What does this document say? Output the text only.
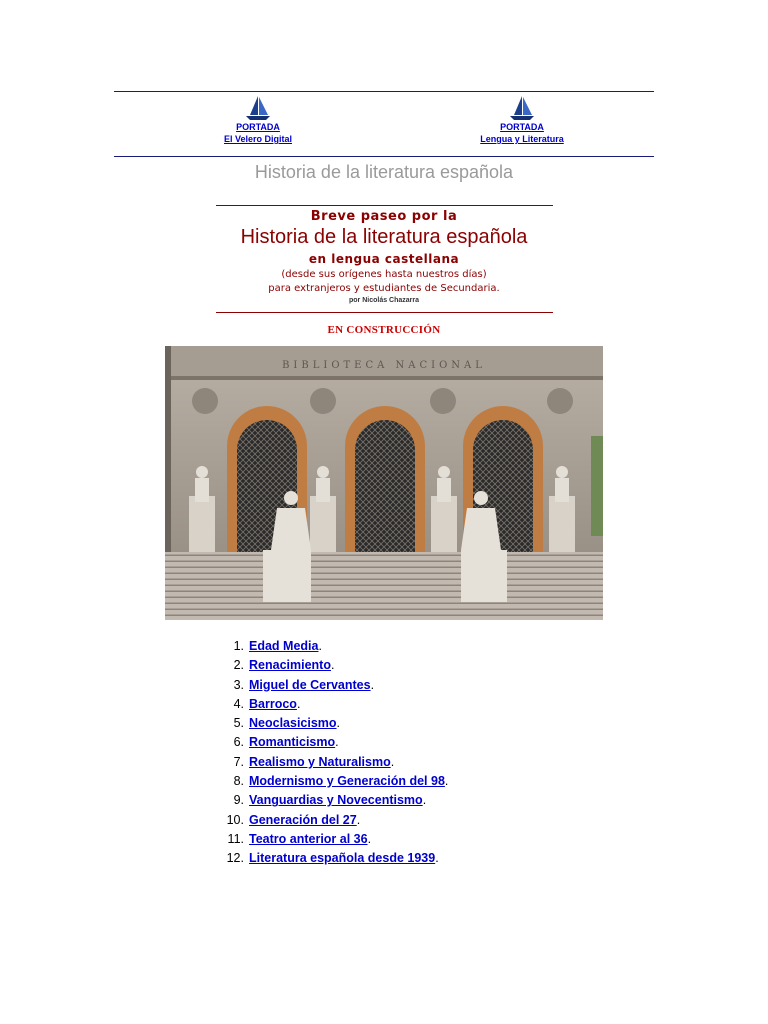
PORTADA
El Velero Digital
PORTADA
Lengua y Literatura
Historia de la literatura española
Breve paseo por la
Historia de la literatura española
en lengua castellana
(desde sus orígenes hasta nuestros días)
para extranjeros y estudiantes de Secundaria.
por Nicolás Chazarra
EN CONSTRUCCIÓN
BIBLIOTECA NACIONAL
1. Edad Media.
2. Renacimiento.
3. Miguel de Cervantes.
4. Barroco.
5. Neoclasicismo.
6. Romanticismo.
7. Realismo y Naturalismo.
8. Modernismo y Generación del 98.
9. Vanguardias y Novecentismo.
10. Generación del 27.
11. Teatro anterior al 36.
12. Literatura española desde 1939.
